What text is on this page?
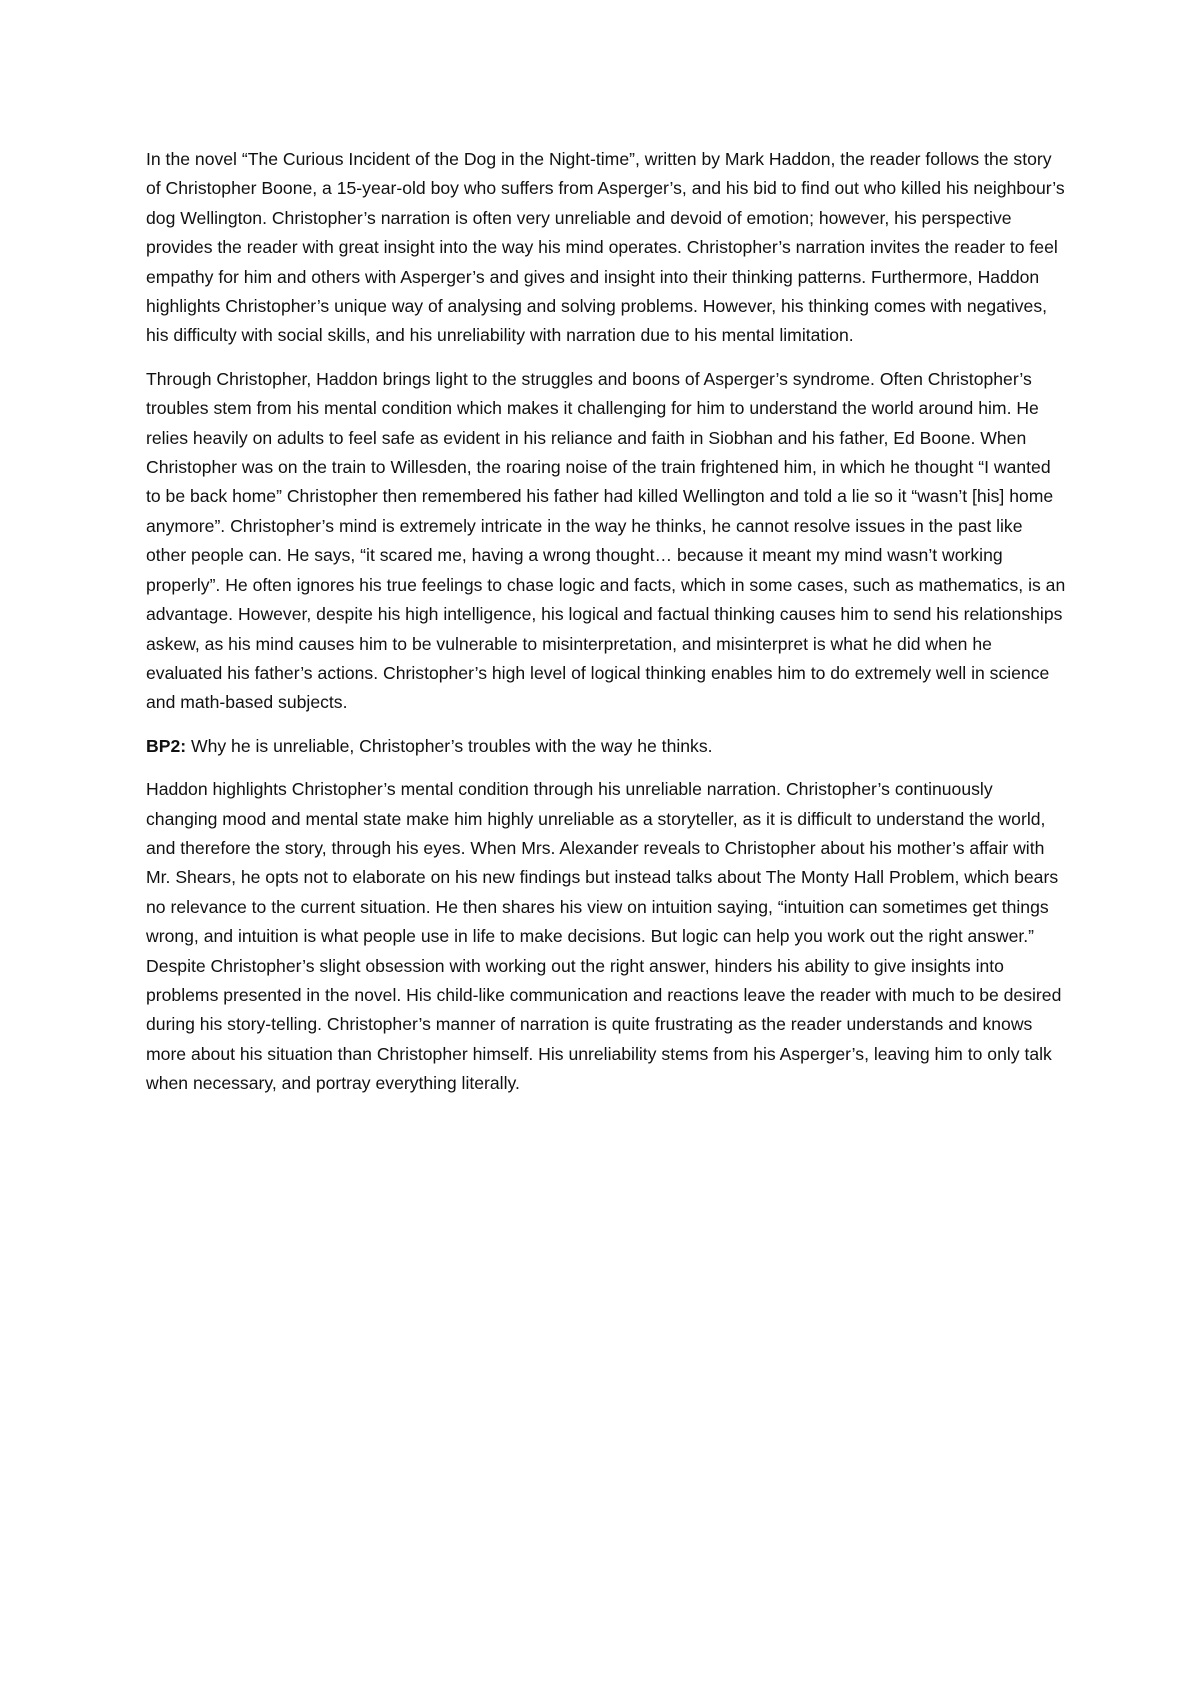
In the novel “The Curious Incident of the Dog in the Night-time”, written by Mark Haddon, the reader follows the story of Christopher Boone, a 15-year-old boy who suffers from Asperger’s, and his bid to find out who killed his neighbour’s dog Wellington. Christopher’s narration is often very unreliable and devoid of emotion; however, his perspective provides the reader with great insight into the way his mind operates. Christopher’s narration invites the reader to feel empathy for him and others with Asperger’s and gives and insight into their thinking patterns. Furthermore, Haddon highlights Christopher’s unique way of analysing and solving problems. However, his thinking comes with negatives, his difficulty with social skills, and his unreliability with narration due to his mental limitation.

Through Christopher, Haddon brings light to the struggles and boons of Asperger’s syndrome. Often Christopher’s troubles stem from his mental condition which makes it challenging for him to understand the world around him. He relies heavily on adults to feel safe as evident in his reliance and faith in Siobhan and his father, Ed Boone. When Christopher was on the train to Willesden, the roaring noise of the train frightened him, in which he thought “I wanted to be back home” Christopher then remembered his father had killed Wellington and told a lie so it “wasn’t [his] home anymore”. Christopher’s mind is extremely intricate in the way he thinks, he cannot resolve issues in the past like other people can. He says, “it scared me, having a wrong thought… because it meant my mind wasn’t working properly”. He often ignores his true feelings to chase logic and facts, which in some cases, such as mathematics, is an advantage. However, despite his high intelligence, his logical and factual thinking causes him to send his relationships askew, as his mind causes him to be vulnerable to misinterpretation, and misinterpret is what he did when he evaluated his father’s actions. Christopher’s high level of logical thinking enables him to do extremely well in science and math-based subjects.

BP2: Why he is unreliable, Christopher’s troubles with the way he thinks.

Haddon highlights Christopher’s mental condition through his unreliable narration. Christopher’s continuously changing mood and mental state make him highly unreliable as a storyteller, as it is difficult to understand the world, and therefore the story, through his eyes. When Mrs. Alexander reveals to Christopher about his mother’s affair with Mr. Shears, he opts not to elaborate on his new findings but instead talks about The Monty Hall Problem, which bears no relevance to the current situation. He then shares his view on intuition saying, “intuition can sometimes get things wrong, and intuition is what people use in life to make decisions. But logic can help you work out the right answer.” Despite Christopher’s slight obsession with working out the right answer, hinders his ability to give insights into problems presented in the novel. His child-like communication and reactions leave the reader with much to be desired during his story-telling. Christopher’s manner of narration is quite frustrating as the reader understands and knows more about his situation than Christopher himself. His unreliability stems from his Asperger’s, leaving him to only talk when necessary, and portray everything literally.
